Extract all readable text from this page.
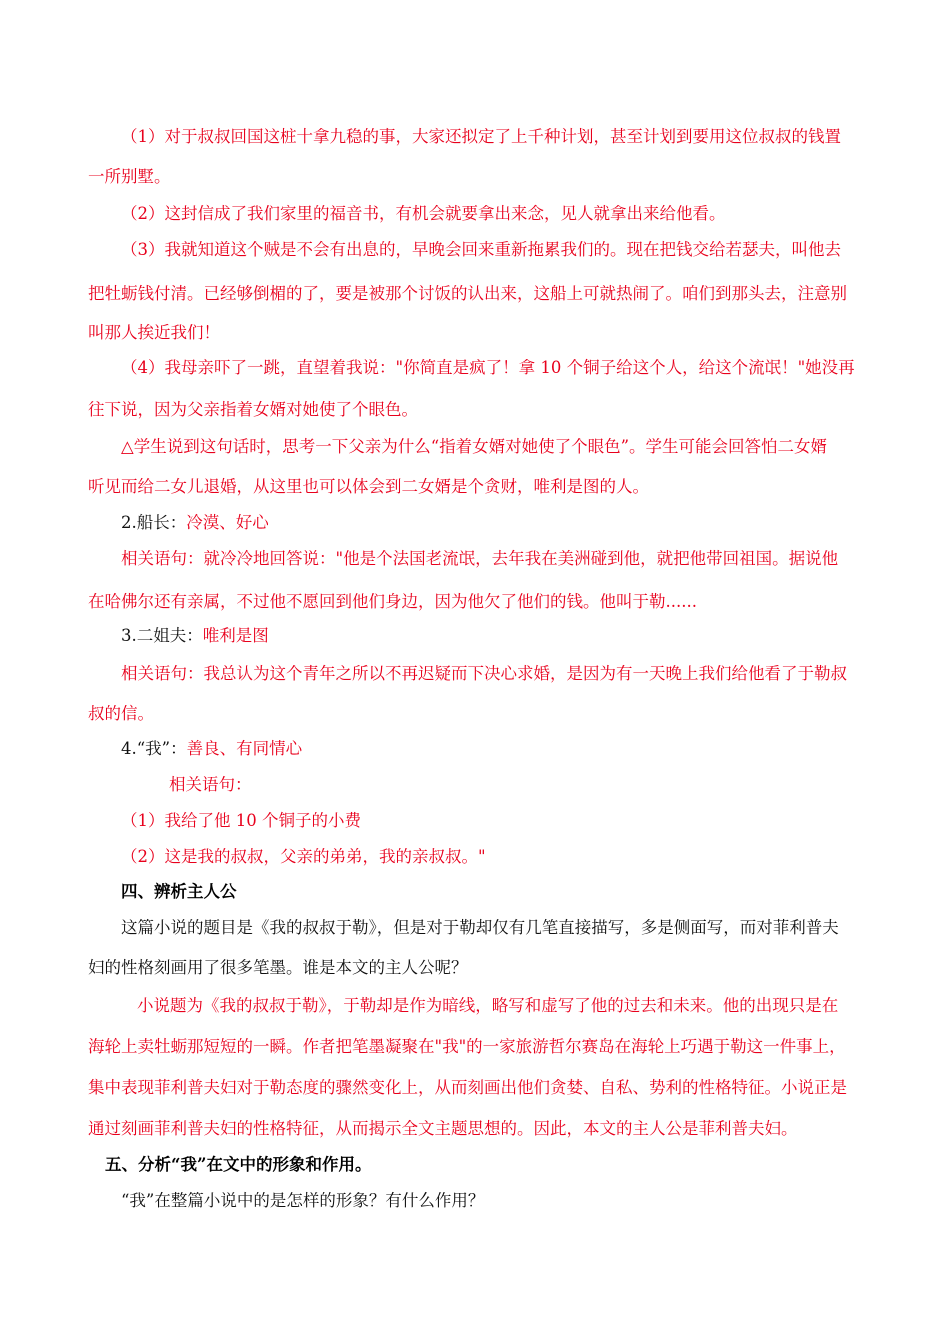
（1）对于叔叔回国这桩十拿九稳的事，大家还拟定了上千种计划，甚至计划到要用这位叔叔的钱置
一所别墅。
（2）这封信成了我们家里的福音书，有机会就要拿出来念，见人就拿出来给他看。
（3）我就知道这个贼是不会有出息的，早晚会回来重新拖累我们的。现在把钱交给若瑟夫，叫他去
把牡蛎钱付清。已经够倒楣的了，要是被那个讨饭的认出来，这船上可就热闹了。咱们到那头去，注意别
叫那人挨近我们！
（4）我母亲吓了一跳，直望着我说："你简直是疯了！拿 10 个铜子给这个人，给这个流氓！"她没再
往下说，因为父亲指着女婿对她使了个眼色。
△学生说到这句话时，思考一下父亲为什么“指着女婿对她使了个眼色”。学生可能会回答怕二女婿
听见而给二女儿退婚，从这里也可以体会到二女婿是个贪财，唯利是图的人。
2.船长：冷漠、好心
相关语句：就冷冷地回答说："他是个法国老流氓，去年我在美洲碰到他，就把他带回祖国。据说他
在哈佛尔还有亲属，不过他不愿回到他们身边，因为他欠了他们的钱。他叫于勒......
3.二姐夫：唯利是图
相关语句：我总认为这个青年之所以不再迟疑而下决心求婚，是因为有一天晚上我们给他看了于勒叔
叔的信。
4.“我”：善良、有同情心
相关语句：
（1）我给了他 10 个铜子的小费
（2）这是我的叔叔，父亲的弟弟，我的亲叔叔。"
四、辨析主人公
这篇小说的题目是《我的叔叔于勒》，但是对于勒却仅有几笔直接描写，多是侧面写，而对菲利普夫
妇的性格刻画用了很多笔墨。谁是本文的主人公呢？
小说题为《我的叔叔于勒》，于勒却是作为暗线，略写和虚写了他的过去和未来。他的出现只是在
海轮上卖牡蛎那短短的一瞬。作者把笔墨凝聚在"我"的一家旅游哲尔赛岛在海轮上巧遇于勒这一件事上，
集中表现菲利普夫妇对于勒态度的骤然变化上，从而刻画出他们贪婪、自私、势利的性格特征。小说正是
通过刻画菲利普夫妇的性格特征，从而揭示全文主题思想的。因此，本文的主人公是菲利普夫妇。
五、分析“我”在文中的形象和作用。
“我”在整篇小说中的是怎样的形象？有什么作用？
